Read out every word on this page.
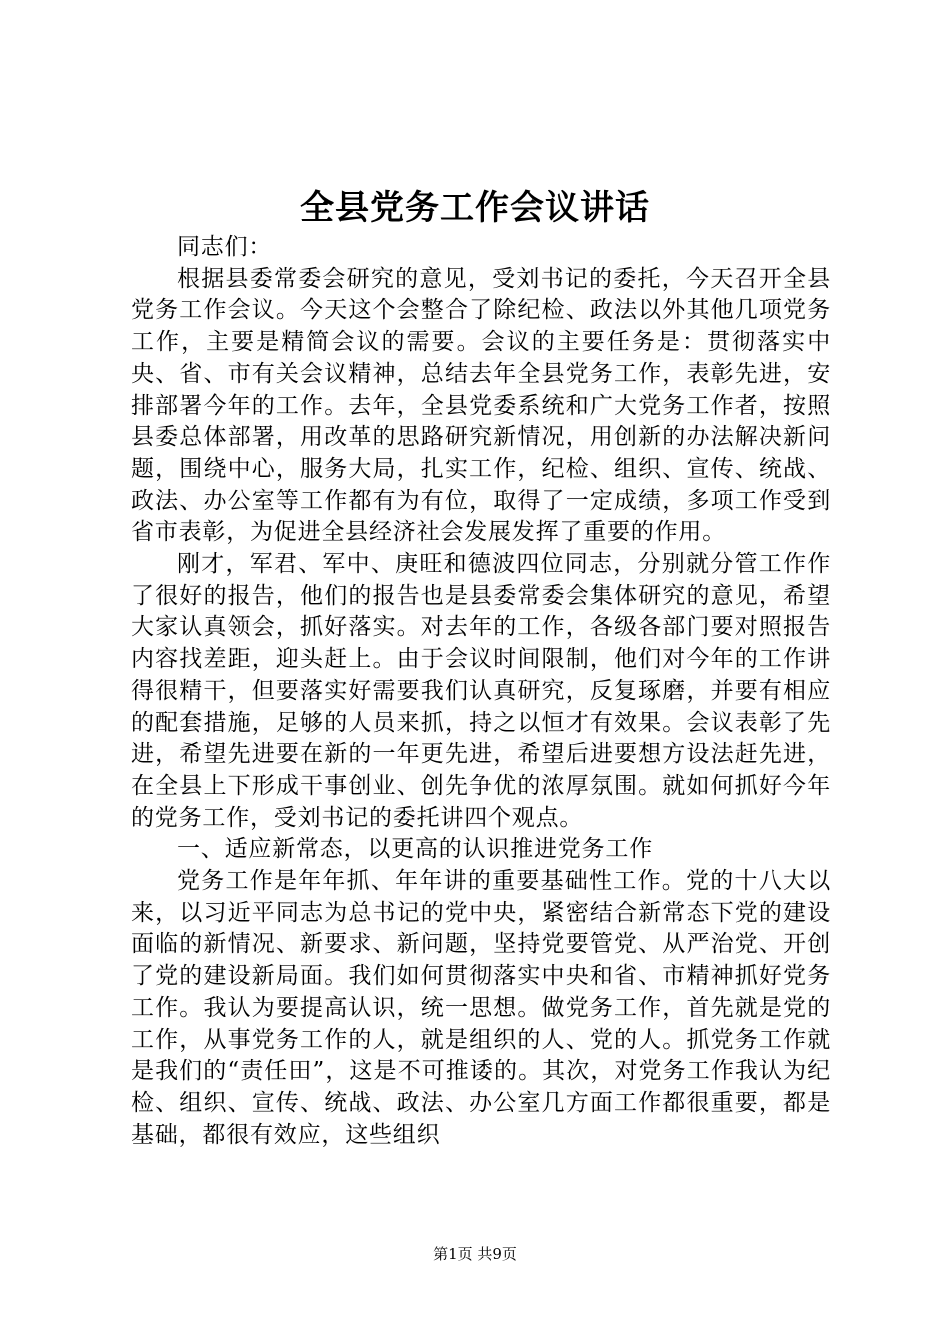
全县党务工作会议讲话

同志们：

根据县委常委会研究的意见，受刘书记的委托，今天召开全县党务工作会议。今天这个会整合了除纪检、政法以外其他几项党务工作，主要是精简会议的需要。会议的主要任务是：贯彻落实中央、省、市有关会议精神，总结去年全县党务工作，表彰先进，安排部署今年的工作。去年，全县党委系统和广大党务工作者，按照县委总体部署，用改革的思路研究新情况，用创新的办法解决新问题，围绕中心，服务大局，扎实工作，纪检、组织、宣传、统战、政法、办公室等工作都有为有位，取得了一定成绩，多项工作受到省市表彰，为促进全县经济社会发展发挥了重要的作用。

刚才，军君、军中、庚旺和德波四位同志，分别就分管工作作了很好的报告，他们的报告也是县委常委会集体研究的意见，希望大家认真领会，抓好落实。对去年的工作，各级各部门要对照报告内容找差距，迎头赶上。由于会议时间限制，他们对今年的工作讲得很精干，但要落实好需要我们认真研究，反复琢磨，并要有相应的配套措施，足够的人员来抓，持之以恒才有效果。会议表彰了先进，希望先进要在新的一年更先进，希望后进要想方设法赶先进，在全县上下形成干事创业、创先争优的浓厚氛围。就如何抓好今年的党务工作，受刘书记的委托讲四个观点。

一、适应新常态，以更高的认识推进党务工作

党务工作是年年抓、年年讲的重要基础性工作。党的十八大以来，以习近平同志为总书记的党中央，紧密结合新常态下党的建设面临的新情况、新要求、新问题，坚持党要管党、从严治党、开创了党的建设新局面。我们如何贯彻落实中央和省、市精神抓好党务工作。我认为要提高认识，统一思想。做党务工作，首先就是党的工作，从事党务工作的人，就是组织的人、党的人。抓党务工作就是我们的“责任田”，这是不可推诿的。其次，对党务工作我认为纪检、组织、宣传、统战、政法、办公室几方面工作都很重要，都是基础，都很有效应，这些组织

第1页 共9页
